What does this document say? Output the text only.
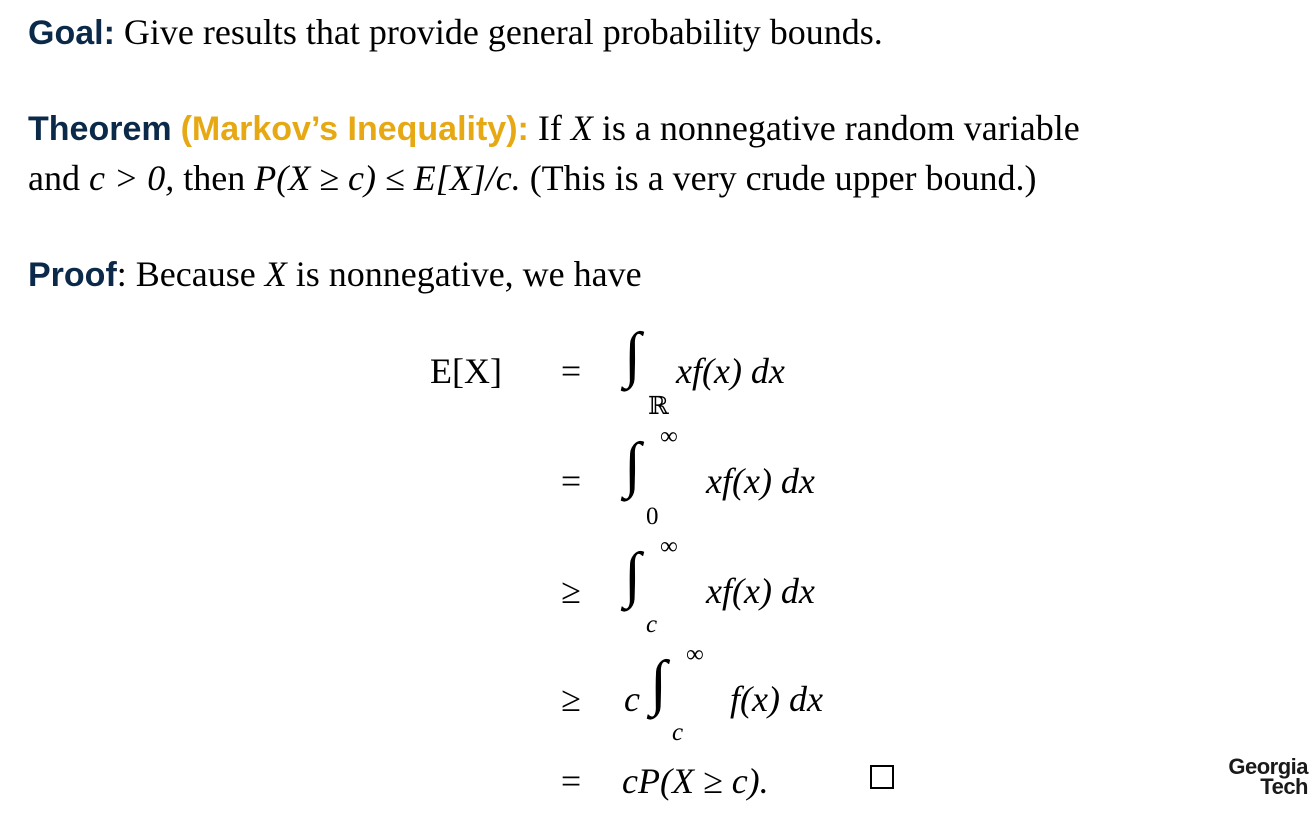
Goal: Give results that provide general probability bounds.
Theorem (Markov’s Inequality): If X is a nonnegative random variable
and c > 0, then P(X ≥ c) ≤ E[X]/c. (This is a very crude upper bound.)
Proof: Because X is nonnegative, we have
E[X] = ∫
ℝ
xf(x) dx
= ∫ ∞
0
xf(x) dx
≥ ∫ ∞
c
xf(x) dx
≥ c ∫ ∞
c
f(x) dx
= cP(X ≥ c).	Georgia
Tech
